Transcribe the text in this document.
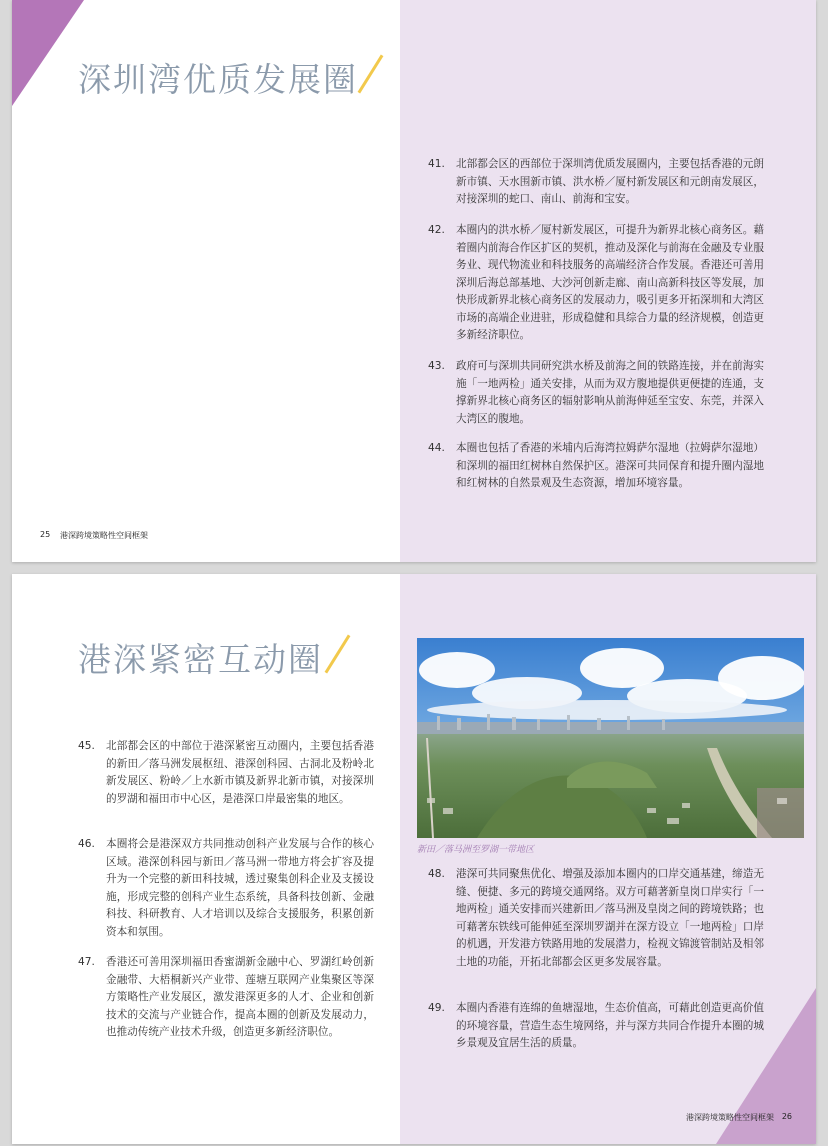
深圳湾优质发展圈
25 港深跨境策略性空间框架
41.	北部都会区的西部位于深圳湾优质发展圈内，主要包括香港的元朗新市镇、天水围新市镇、洪水桥／厦村新发展区和元朗南发展区，对接深圳的蛇口、南山、前海和宝安。
42.	本圈内的洪水桥／厦村新发展区，可提升为新界北核心商务区。藉着圈内前海合作区扩区的契机，推动及深化与前海在金融及专业服务业、现代物流业和科技服务的高端经济合作发展。香港还可善用深圳后海总部基地、大沙河创新走廊、南山高新科技区等发展，加快形成新界北核心商务区的发展动力，吸引更多开拓深圳和大湾区市场的高端企业进驻，形成稳健和具综合力量的经济规模，创造更多新经济职位。
43.	政府可与深圳共同研究洪水桥及前海之间的铁路连接，并在前海实施「一地两检」通关安排，从而为双方腹地提供更便捷的连通，支撑新界北核心商务区的辐射影响从前海伸延至宝安、东莞，并深入大湾区的腹地。
44.	本圈也包括了香港的米埔内后海湾拉姆萨尔湿地（拉姆萨尔湿地）和深圳的福田红树林自然保护区。港深可共同保育和提升圈内湿地和红树林的自然景观及生态资源，增加环境容量。
港深紧密互动圈
45.	北部都会区的中部位于港深紧密互动圈内，主要包括香港的新田／落马洲发展枢纽、港深创科园、古洞北及粉岭北新发展区、粉岭／上水新市镇及新界北新市镇，对接深圳的罗湖和福田市中心区，是港深口岸最密集的地区。
46.	本圈将会是港深双方共同推动创科产业发展与合作的核心区域。港深创科园与新田／落马洲一带地方将会扩容及提升为一个完整的新田科技城，透过聚集创科企业及支援设施，形成完整的创科产业生态系统，具备科技创新、金融科技、科研教育、人才培训以及综合支援服务，积累创新资本和氛围。
47.	香港还可善用深圳福田香蜜湖新金融中心、罗湖红岭创新金融带、大梧桐新兴产业带、莲塘互联网产业集聚区等深方策略性产业发展区，激发港深更多的人才、企业和创新技术的交流与产业链合作，提高本圈的创新及发展动力，也推动传统产业技术升级，创造更多新经济职位。
新田／落马洲至罗湖一带地区
48.	港深可共同聚焦优化、增强及添加本圈内的口岸交通基建，缔造无缝、便捷、多元的跨境交通网络。双方可藉著新皇岗口岸实行「一地两检」通关安排而兴建新田／落马洲及皇岗之间的跨境铁路；也可藉著东铁线可能伸延至深圳罗湖并在深方设立「一地两检」口岸的机遇，开发港方铁路用地的发展潜力，检视文锦渡管制站及相邻土地的功能，开拓北部都会区更多发展容量。
49.	本圈内香港有连绵的鱼塘湿地，生态价值高，可藉此创造更高价值的环境容量，营造生态生境网络，并与深方共同合作提升本圈的城乡景观及宜居生活的质量。
港深跨境策略性空间框架 26
